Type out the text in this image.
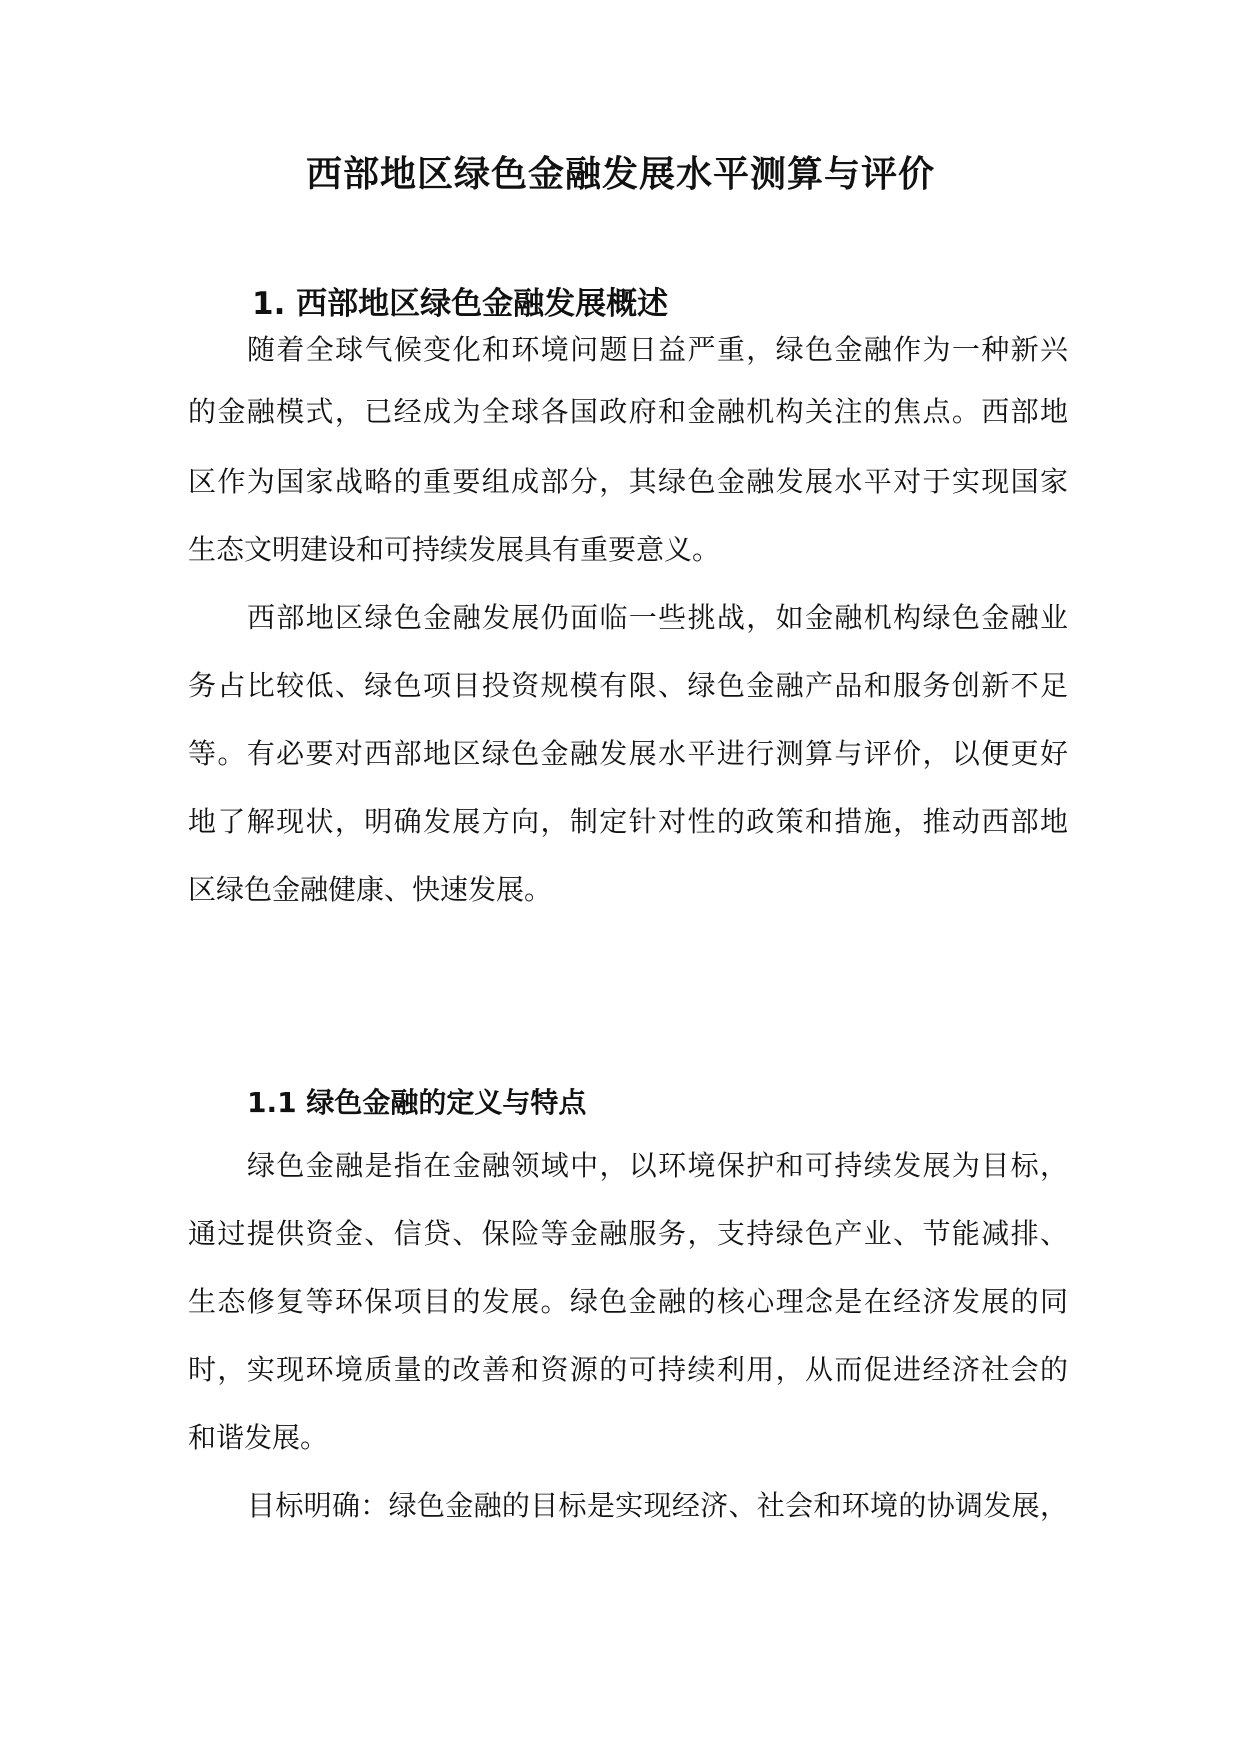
西部地区绿色金融发展水平测算与评价
1. 西部地区绿色金融发展概述
随着全球气候变化和环境问题日益严重，绿色金融作为一种新兴
的金融模式，已经成为全球各国政府和金融机构关注的焦点。西部地
区作为国家战略的重要组成部分，其绿色金融发展水平对于实现国家
生态文明建设和可持续发展具有重要意义。
西部地区绿色金融发展仍面临一些挑战，如金融机构绿色金融业
务占比较低、绿色项目投资规模有限、绿色金融产品和服务创新不足
等。有必要对西部地区绿色金融发展水平进行测算与评价，以便更好
地了解现状，明确发展方向，制定针对性的政策和措施，推动西部地
区绿色金融健康、快速发展。
1.1 绿色金融的定义与特点
绿色金融是指在金融领域中，以环境保护和可持续发展为目标，
通过提供资金、信贷、保险等金融服务，支持绿色产业、节能减排、
生态修复等环保项目的发展。绿色金融的核心理念是在经济发展的同
时，实现环境质量的改善和资源的可持续利用，从而促进经济社会的
和谐发展。
目标明确：绿色金融的目标是实现经济、社会和环境的协调发展，
